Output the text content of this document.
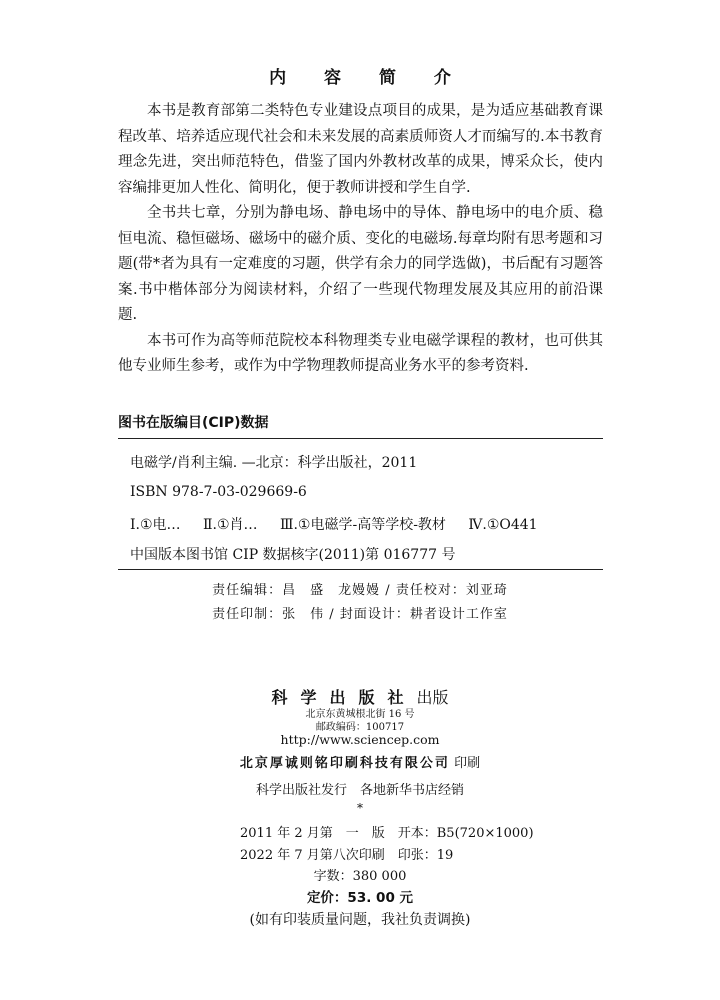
内 容 简 介

本书是教育部第二类特色专业建设点项目的成果，是为适应基础教育课程改革、培养适应现代社会和未来发展的高素质师资人才而编写的.本书教育理念先进，突出师范特色，借鉴了国内外教材改革的成果，博采众长，使内容编排更加人性化、简明化，便于教师讲授和学生自学.

全书共七章，分别为静电场、静电场中的导体、静电场中的电介质、稳恒电流、稳恒磁场、磁场中的磁介质、变化的电磁场.每章均附有思考题和习题(带*者为具有一定难度的习题，供学有余力的同学选做)，书后配有习题答案.书中楷体部分为阅读材料，介绍了一些现代物理发展及其应用的前沿课题.

本书可作为高等师范院校本科物理类专业电磁学课程的教材，也可供其他专业师生参考，或作为中学物理教师提高业务水平的参考资料.

图书在版编目(CIP)数据
电磁学/肖利主编. —北京：科学出版社，2011
ISBN 978-7-03-029669-6
Ⅰ.①电… Ⅱ.①肖… Ⅲ.①电磁学-高等学校-教材 Ⅳ.①O441
中国版本图书馆 CIP 数据核字(2011)第 016777 号
责任编辑：昌　盛　龙嫚嫚 / 责任校对：刘亚琦
责任印制：张　伟 / 封面设计：耕者设计工作室
科学出版社出版
北京东黄城根北街 16 号
邮政编码：100717
http://www.sciencep.com
北京厚诚则铭印刷科技有限公司 印刷
科学出版社发行　各地新华书店经销
*
2011 年 2 月第　一　版　开本：B5(720×1000)
2022 年 7 月第八次印刷　印张：19
字数：380 000
定价：53. 00 元
(如有印装质量问题，我社负责调换)
